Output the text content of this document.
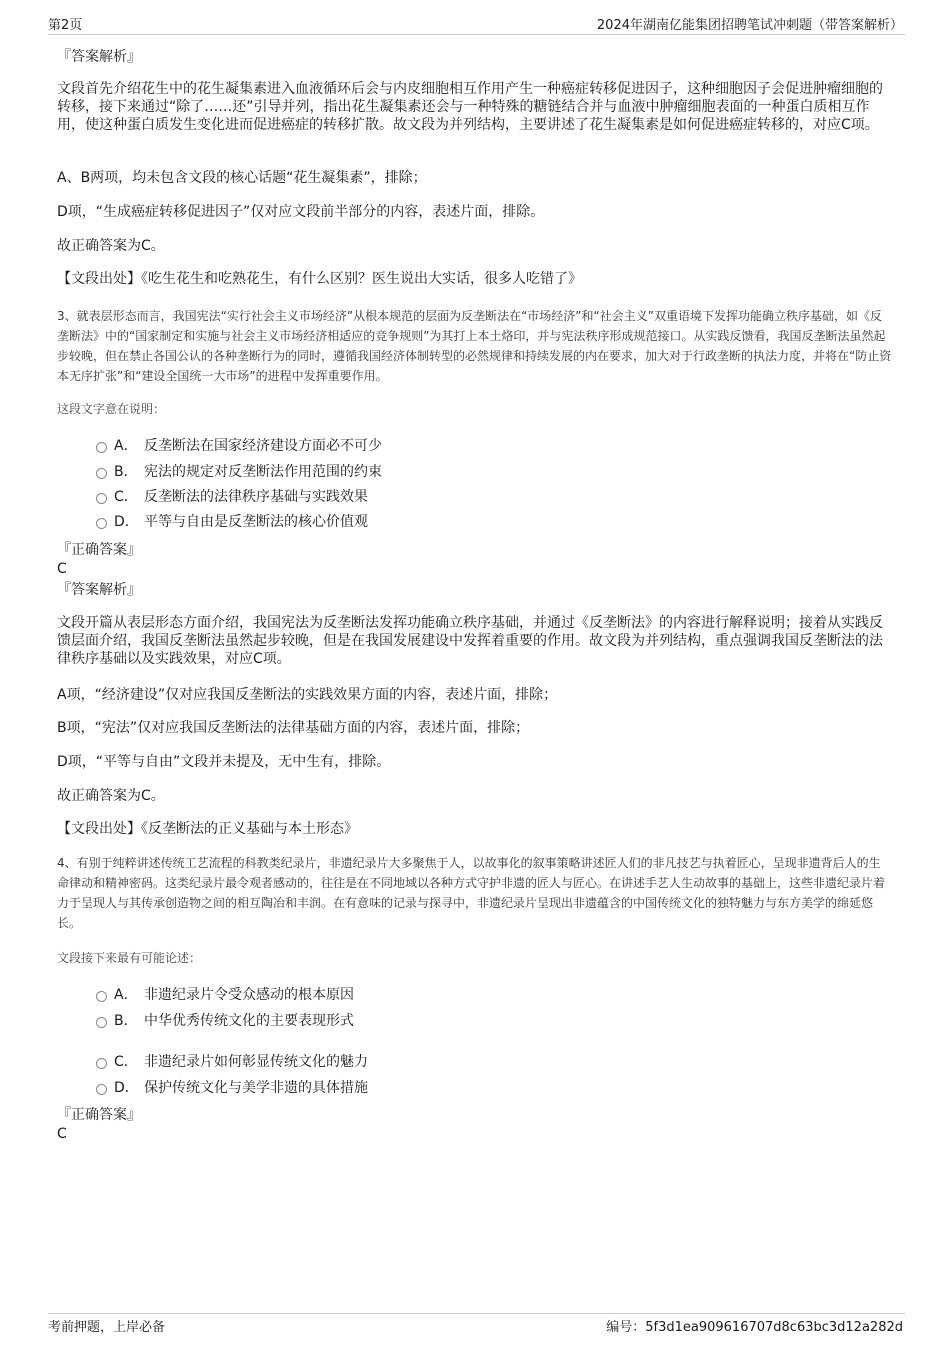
第2页	2024年湖南亿能集团招聘笔试冲刺题（带答案解析）
『答案解析』
文段首先介绍花生中的花生凝集素进入血液循环后会与内皮细胞相互作用产生一种癌症转移促进因子，这种细胞因子会促进肿瘤细胞的转移，接下来通过“除了……还”引导并列，指出花生凝集素还会与一种特殊的糖链结合并与血液中肿瘤细胞表面的一种蛋白质相互作用，使这种蛋白质发生变化进而促进癌症的转移扩散。故文段为并列结构，主要讲述了花生凝集素是如何促进癌症转移的，对应C项。
A、B两项，均未包含文段的核心话题“花生凝集素”，排除；
D项，“生成癌症转移促进因子”仅对应文段前半部分的内容，表述片面，排除。
故正确答案为C。
【文段出处】《吃生花生和吃熟花生，有什么区别？医生说出大实话，很多人吃错了》
3、就表层形态而言，我国宪法“实行社会主义市场经济”从根本规范的层面为反垄断法在“市场经济”和“社会主义”双重语境下发挥功能确立秩序基础，如《反垄断法》中的“国家制定和实施与社会主义市场经济相适应的竞争规则”为其打上本土烙印，并与宪法秩序形成规范接口。从实践反馈看，我国反垄断法虽然起步较晚，但在禁止各国公认的各种垄断行为的同时，遵循我国经济体制转型的必然规律和持续发展的内在要求，加大对于行政垄断的执法力度，并将在“防止资本无序扩张”和“建设全国统一大市场”的进程中发挥重要作用。
这段文字意在说明：
A． 反垄断法在国家经济建设方面必不可少
B． 宪法的规定对反垄断法作用范围的约束
C． 反垄断法的法律秩序基础与实践效果
D． 平等与自由是反垄断法的核心价值观
『正确答案』
C
『答案解析』
文段开篇从表层形态方面介绍，我国宪法为反垄断法发挥功能确立秩序基础，并通过《反垄断法》的内容进行解释说明；接着从实践反馈层面介绍，我国反垄断法虽然起步较晚，但是在我国发展建设中发挥着重要的作用。故文段为并列结构，重点强调我国反垄断法的法律秩序基础以及实践效果，对应C项。
A项，“经济建设”仅对应我国反垄断法的实践效果方面的内容，表述片面，排除；
B项，“宪法”仅对应我国反垄断法的法律基础方面的内容，表述片面，排除；
D项，“平等与自由”文段并未提及，无中生有，排除。
故正确答案为C。
【文段出处】《反垄断法的正义基础与本土形态》
4、有别于纯粹讲述传统工艺流程的科教类纪录片，非遗纪录片大多聚焦于人，以故事化的叙事策略讲述匠人们的非凡技艺与执着匠心，呈现非遗背后人的生命律动和精神密码。这类纪录片最令观者感动的，往往是在不同地域以各种方式守护非遗的匠人与匠心。在讲述手艺人生动故事的基础上，这些非遗纪录片着力于呈现人与其传承创造物之间的相互陶冶和丰润。在有意味的记录与探寻中，非遗纪录片呈现出非遗蕴含的中国传统文化的独特魅力与东方美学的绵延悠长。
文段接下来最有可能论述：
A． 非遗纪录片令受众感动的根本原因
B． 中华优秀传统文化的主要表现形式
C． 非遗纪录片如何彰显传统文化的魅力
D． 保护传统文化与美学非遗的具体措施
『正确答案』
C
考前押题，上岸必备	编号：5f3d1ea909616707d8c63bc3d12a282d
